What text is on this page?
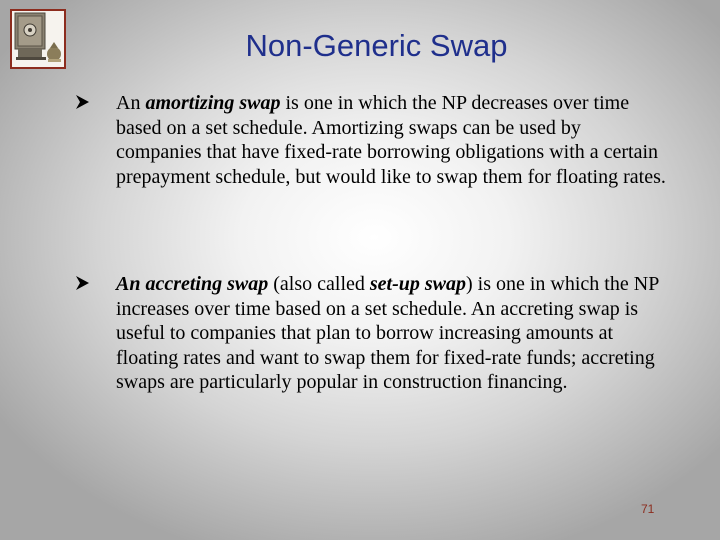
Non-Generic Swap
An amortizing swap is one in which the NP decreases over time based on a set schedule. Amortizing swaps can be used by companies that have fixed-rate borrowing obligations with a certain prepayment schedule, but would like to swap them for floating rates.
An accreting swap (also called set-up swap) is one in which the NP increases over time based on a set schedule. An accreting swap is useful to companies that plan to borrow increasing amounts at floating rates and want to swap them for fixed-rate funds; accreting swaps are particularly popular in construction financing.
71
